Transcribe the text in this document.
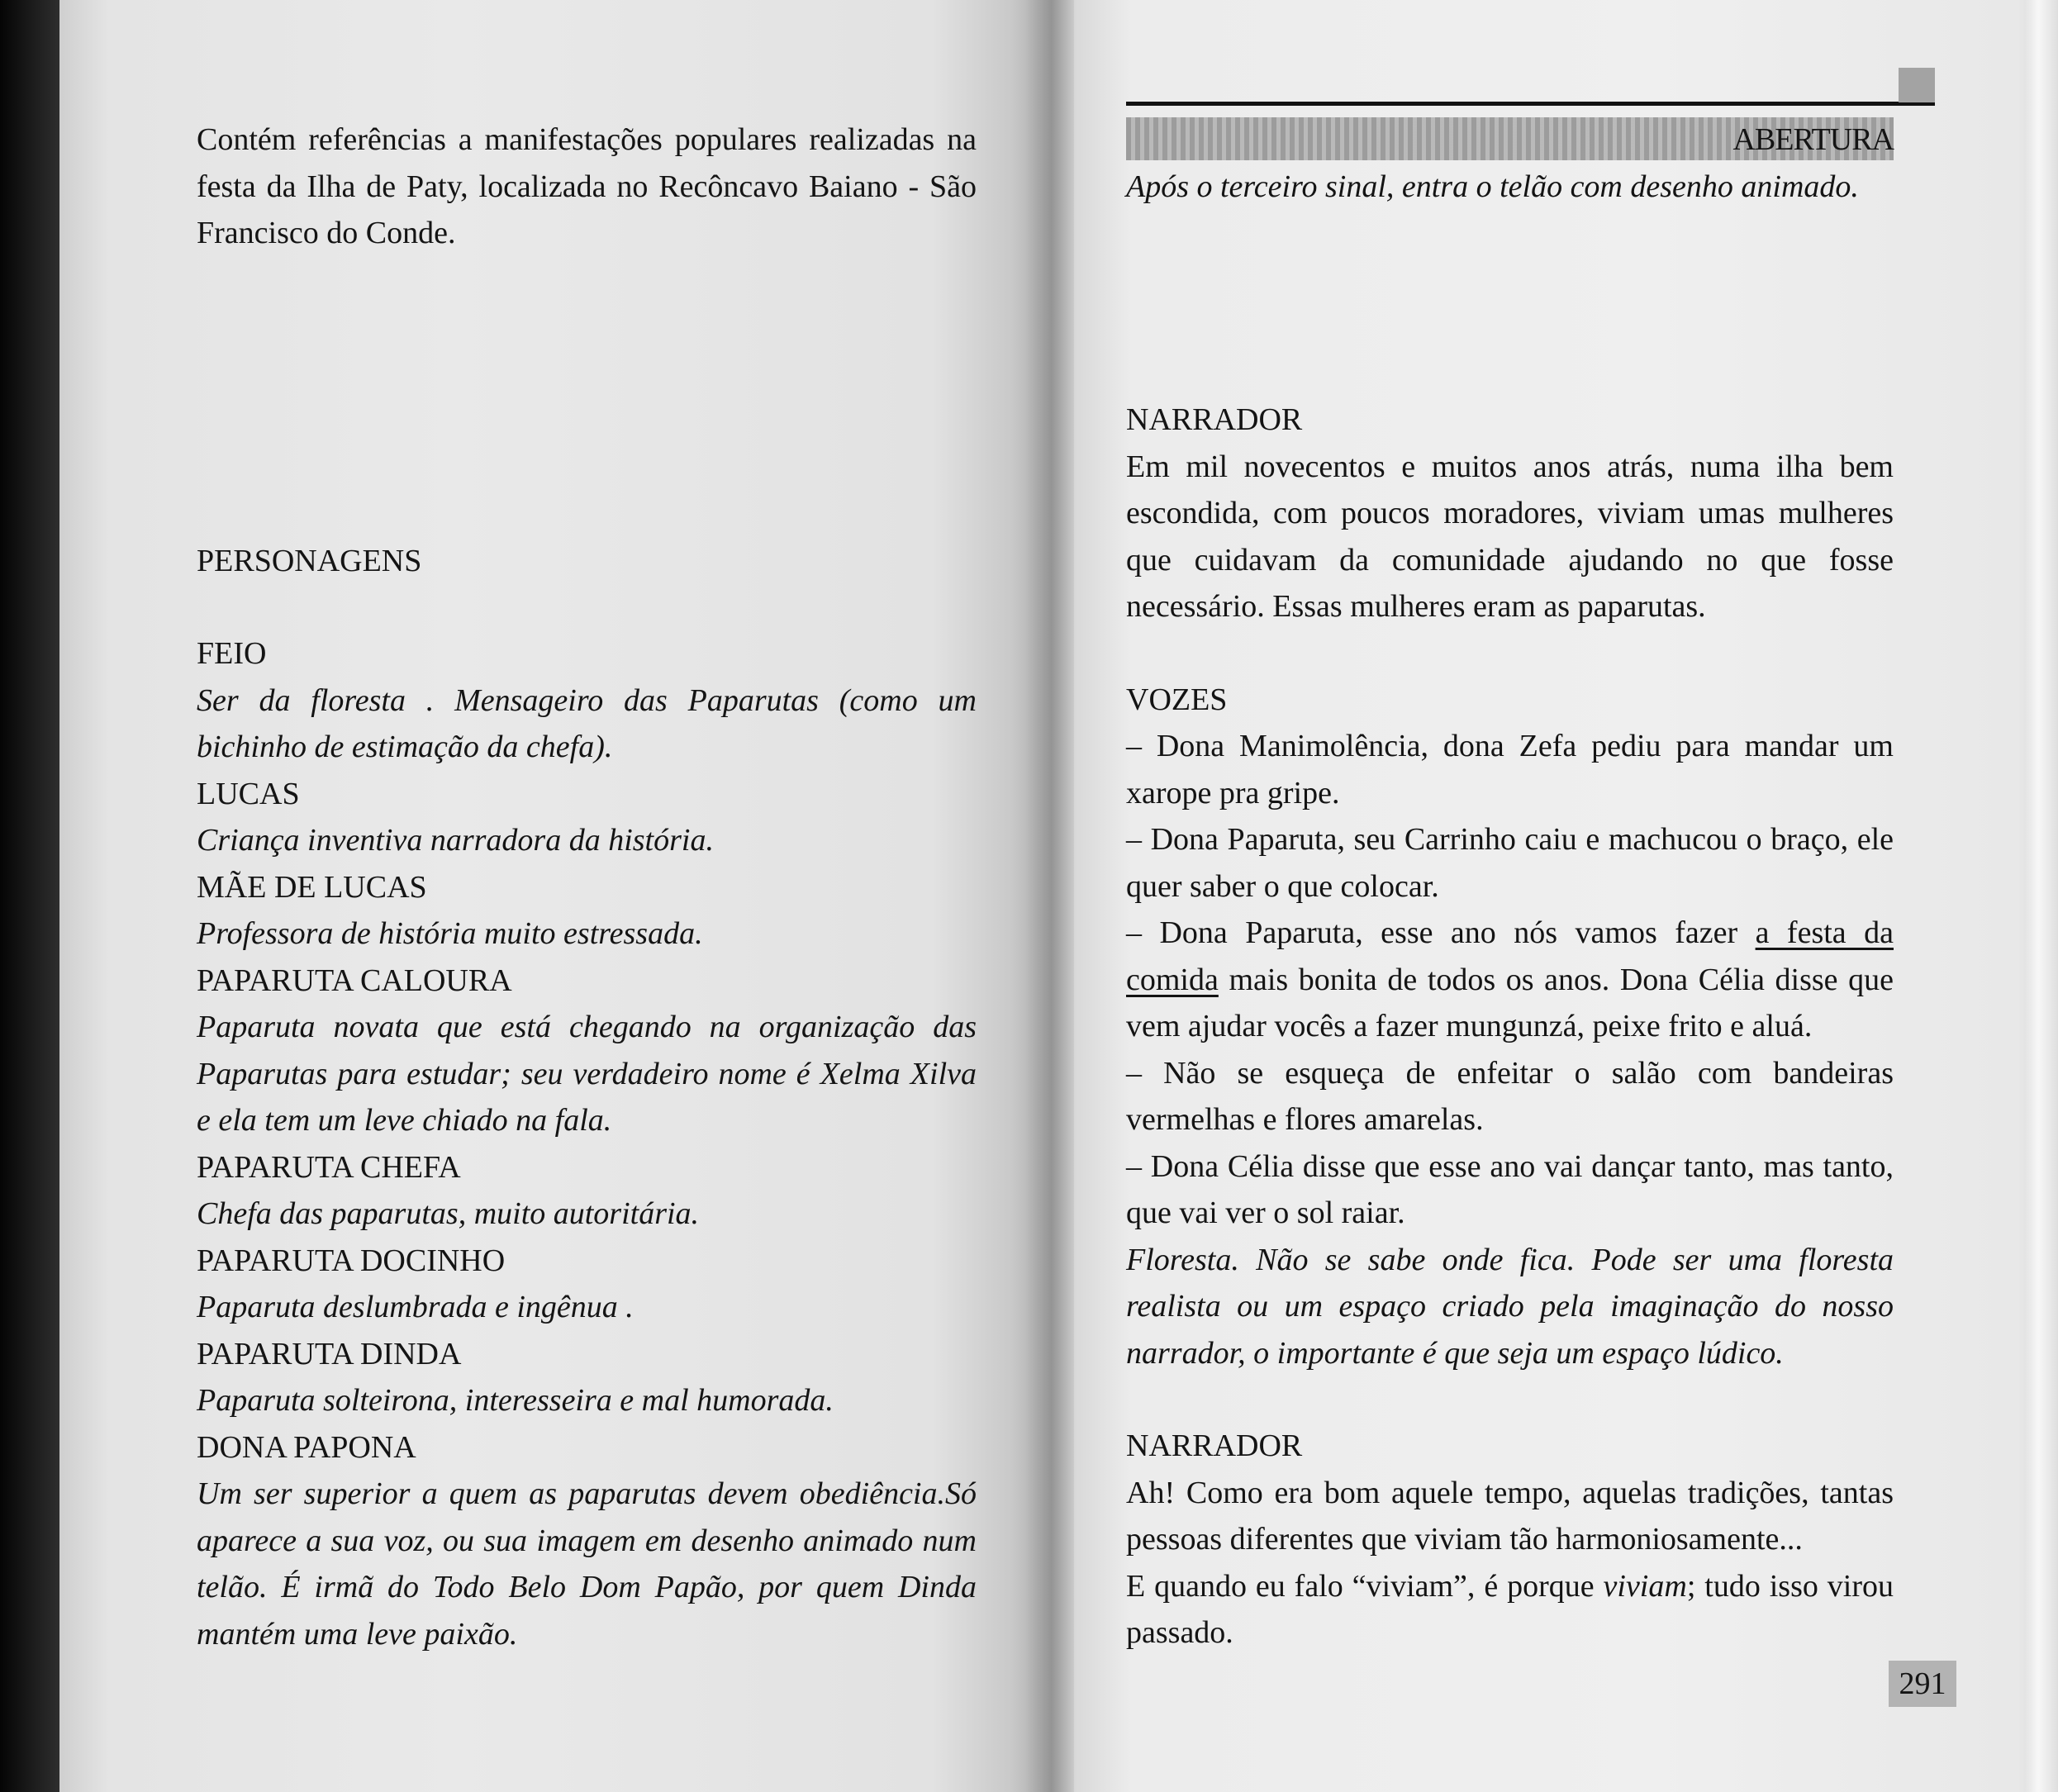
Contém referências a manifestações populares realizadas na festa da Ilha de Paty, localizada no Recôncavo Baiano - São Francisco do Conde.

PERSONAGENS

FEIO

Ser da floresta . Mensageiro das Paparutas (como um bichinho de estimação da chefa).

LUCAS

Criança inventiva narradora da história.

MÃE DE LUCAS

Professora de história muito estressada.

PAPARUTA CALOURA

Paparuta novata que está chegando na organização das Paparutas para estudar; seu verdadeiro nome é Xelma Xilva e ela tem um leve chiado na fala.

PAPARUTA CHEFA

Chefa das paparutas, muito autoritária.

PAPARUTA DOCINHO

Paparuta deslumbrada e ingênua .

PAPARUTA DINDA

Paparuta solteirona, interesseira e mal humorada.

DONA PAPONA

Um ser superior a quem as paparutas devem obediência.Só aparece a sua voz, ou sua imagem em desenho animado num telão. É irmã do Todo Belo Dom Papão, por quem Dinda mantém uma leve paixão.

ABERTURA

Após o terceiro sinal, entra o telão com desenho animado.

NARRADOR

Em mil novecentos e muitos anos atrás, numa ilha bem escondida, com poucos moradores, viviam umas mulheres que cuidavam da comunidade ajudando no que fosse necessário. Essas mulheres eram as paparutas.

VOZES

– Dona Manimolência, dona Zefa pediu para mandar um xarope pra gripe.

– Dona Paparuta, seu Carrinho caiu e machucou o braço, ele quer saber o que colocar.

– Dona Paparuta, esse ano nós vamos fazer a festa da comida mais bonita de todos os anos. Dona Célia disse que vem ajudar vocês a fazer mungunzá, peixe frito e aluá.

– Não se esqueça de enfeitar o salão com bandeiras vermelhas e flores amarelas.

– Dona Célia disse que esse ano vai dançar tanto, mas tanto, que vai ver o sol raiar.

Floresta. Não se sabe onde fica. Pode ser uma floresta realista ou um espaço criado pela imaginação do nosso narrador, o importante é que seja um espaço lúdico.

NARRADOR

Ah! Como era bom aquele tempo, aquelas tradições, tantas pessoas diferentes que viviam tão harmoniosamente...

E quando eu falo “viviam”, é porque viviam; tudo isso virou passado.

291
